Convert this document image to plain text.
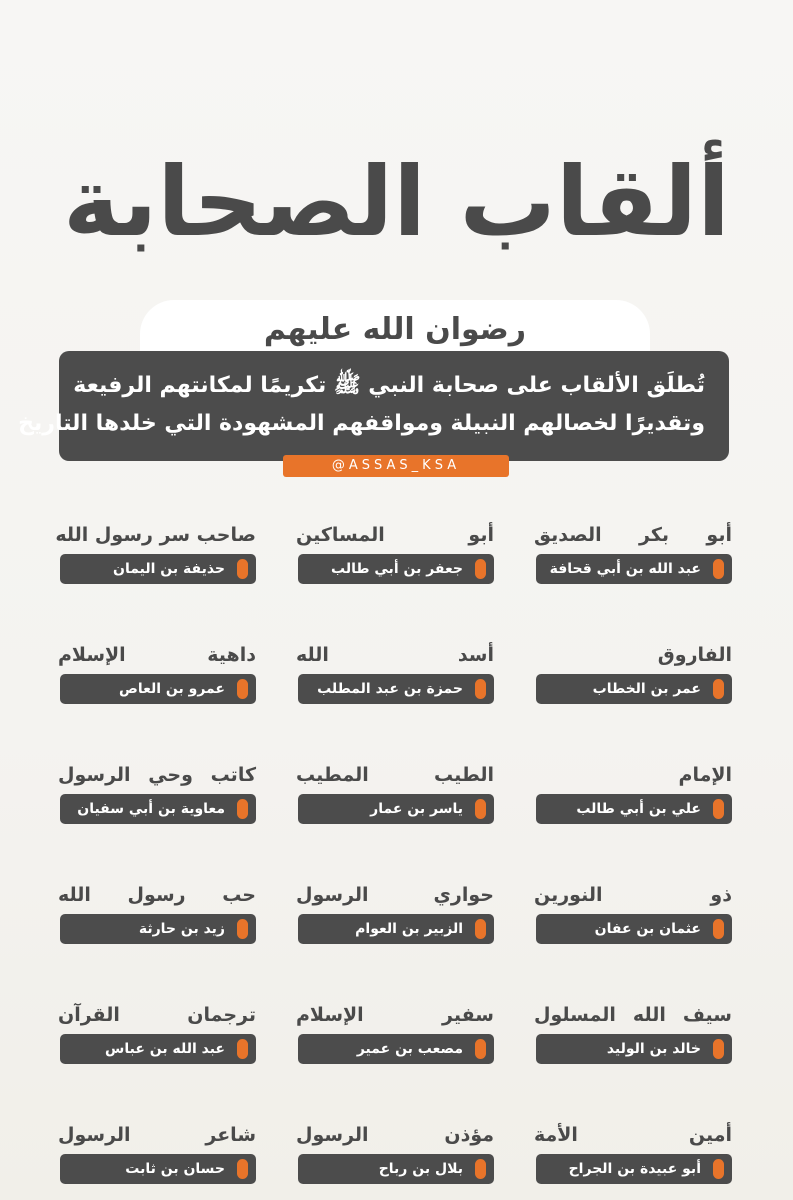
ألقاب الصحابة
رضوان الله عليهم

تُطلَق الألقاب على صحابة النبي ﷺ تكريمًا لمكانتهم الرفيعة

وتقديرًا لخصالهم النبيلة ومواقفهم المشهودة التي خلدها التاريخ

@ASSAS_KSA
أبو بكر الصديق
عبد الله بن أبي قحافة
أبو المساكين
جعفر بن أبي طالب
صاحب سر رسول الله
حذيفة بن اليمان
الفاروق
عمر بن الخطاب
أسد الله
حمزة بن عبد المطلب
داهية الإسلام
عمرو بن العاص
الإمام
علي بن أبي طالب
الطيب المطيب
ياسر بن عمار
كاتب وحي الرسول
معاوية بن أبي سفيان
ذو النورين
عثمان بن عفان
حواري الرسول
الزبير بن العوام
حب رسول الله
زيد بن حارثة
سيف الله المسلول
خالد بن الوليد
سفير الإسلام
مصعب بن عمير
ترجمان القرآن
عبد الله بن عباس
أمين الأمة
أبو عبيدة بن الجراح
مؤذن الرسول
بلال بن رباح
شاعر الرسول
حسان بن ثابت
